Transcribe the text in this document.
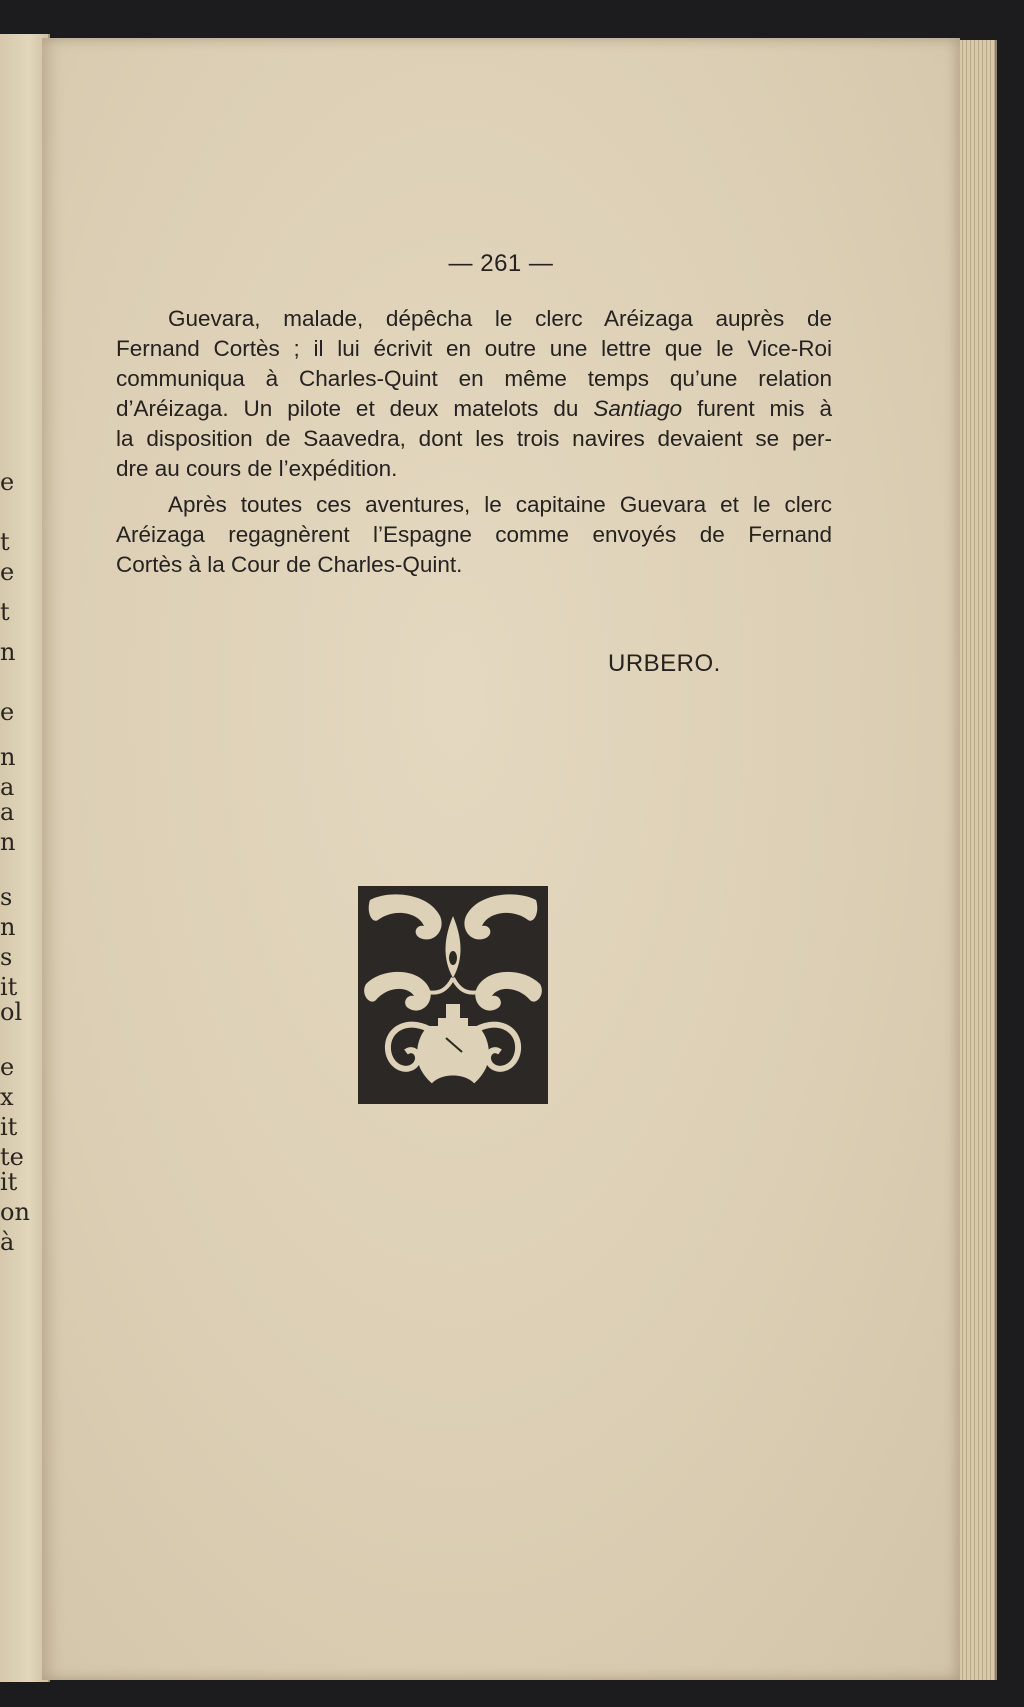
e
t
e
t
n
e
n
a
a
n
s
n
s
it
ol
e
x
it
te
it
on
à
— 261 —
Guevara, malade, dépêcha le clerc Aréizaga auprès de
Fernand Cortès ; il lui écrivit en outre une lettre que le Vice-Roi
communiqua à Charles-Quint en même temps qu’une relation
d’Aréizaga. Un pilote et deux matelots du Santiago furent mis à
la disposition de Saavedra, dont les trois navires devaient se per-
dre au cours de l’expédition.
Après toutes ces aventures, le capitaine Guevara et le clerc
Aréizaga regagnèrent l’Espagne comme envoyés de Fernand
Cortès à la Cour de Charles-Quint.
URBERO.
